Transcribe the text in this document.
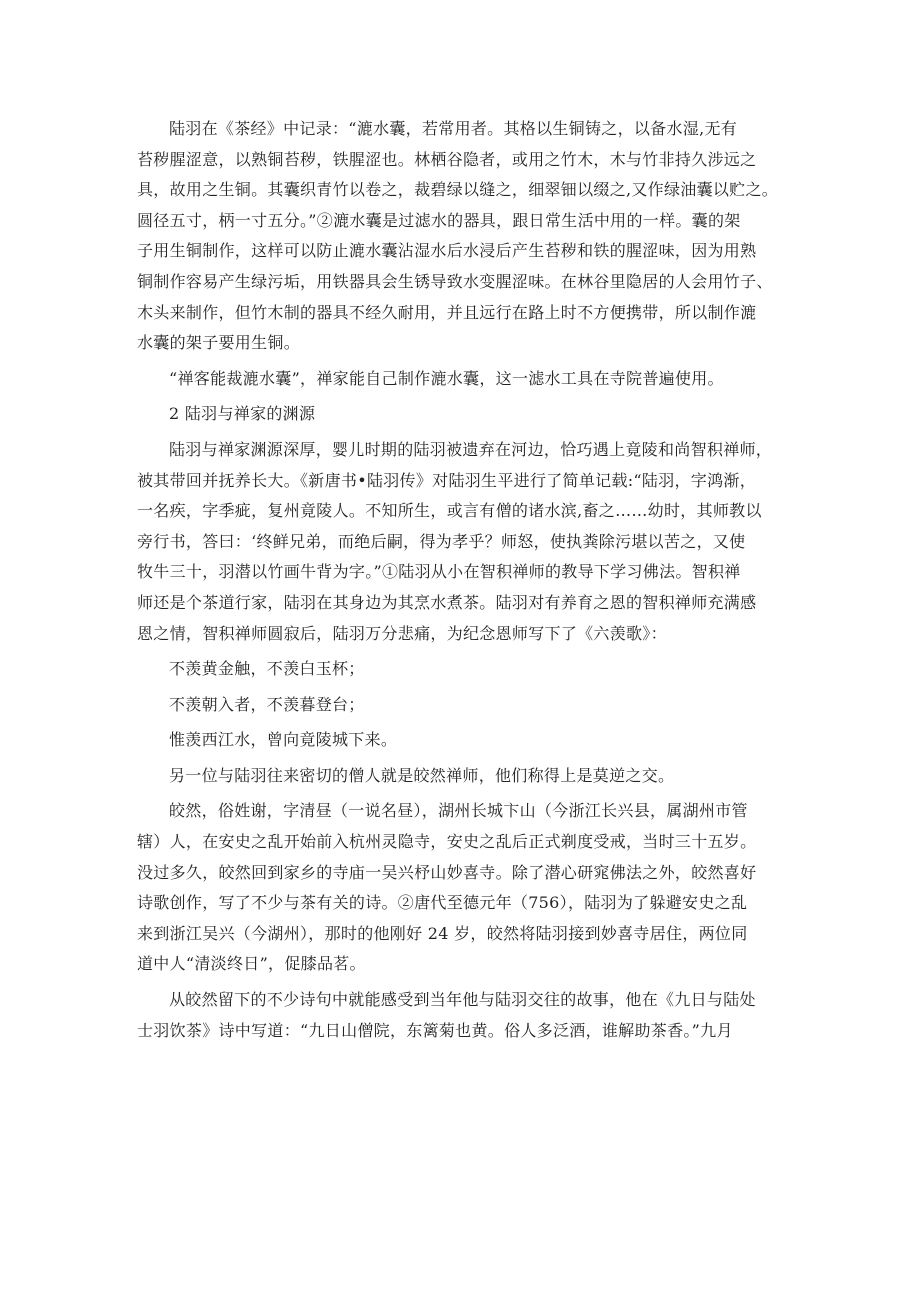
陆羽在《茶经》中记录：“漉水囊，若常用者。其格以生铜铸之，以备水湿,无有
苔秽腥涩意，以熟铜苔秽，铁腥涩也。林栖谷隐者，或用之竹木，木与竹非持久涉远之
具，故用之生铜。其囊织青竹以卷之，裁碧绿以缝之，细翠钿以缀之,又作绿油囊以贮之。
圆径五寸，柄一寸五分。”②漉水囊是过滤水的器具，跟日常生活中用的一样。囊的架
子用生铜制作，这样可以防止漉水囊沾湿水后水浸后产生苔秽和铁的腥涩味，因为用熟
铜制作容易产生绿污垢，用铁器具会生锈导致水变腥涩味。在林谷里隐居的人会用竹子、
木头来制作，但竹木制的器具不经久耐用，并且远行在路上时不方便携带，所以制作漉
水囊的架子要用生铜。

“禅客能裁漉水囊”，禅家能自己制作漉水囊，这一滤水工具在寺院普遍使用。

2 陆羽与禅家的渊源

陆羽与禅家渊源深厚，婴儿时期的陆羽被遗弃在河边，恰巧遇上竟陵和尚智积禅师，
被其带回并抚养长大。《新唐书•陆羽传》对陆羽生平进行了简单记载:“陆羽，字鸿渐，
一名疾，字季疵，复州竟陵人。不知所生，或言有僧的诸水滨,畜之……幼时，其师教以
旁行书，答曰：‘终鲜兄弟，而绝后嗣，得为孝乎？师怒，使执粪除污堪以苦之，又使
牧牛三十，羽潜以竹画牛背为字。”①陆羽从小在智积禅师的教导下学习佛法。智积禅
师还是个茶道行家，陆羽在其身边为其烹水煮茶。陆羽对有养育之恩的智积禅师充满感
恩之情，智积禅师圆寂后，陆羽万分悲痛，为纪念恩师写下了《六羡歌》：

不羡黄金触，不羡白玉杯；

不羡朝入者，不羡暮登台；

惟羡西江水，曾向竟陵城下来。

另一位与陆羽往来密切的僧人就是皎然禅师，他们称得上是莫逆之交。

皎然，俗姓谢，字清昼（一说名昼），湖州长城卞山（今浙江长兴县，属湖州市管
辖）人，在安史之乱开始前入杭州灵隐寺，安史之乱后正式剃度受戒，当时三十五岁。
没过多久，皎然回到家乡的寺庙一吴兴杼山妙喜寺。除了潜心研窕佛法之外，皎然喜好
诗歌创作，写了不少与茶有关的诗。②唐代至德元年（756），陆羽为了躲避安史之乱
来到浙江吴兴（今湖州），那时的他刚好 24 岁，皎然将陆羽接到妙喜寺居住，两位同
道中人“清淡终日”，促膝品茗。

从皎然留下的不少诗句中就能感受到当年他与陆羽交往的故事，他在《九日与陆处
士羽饮茶》诗中写道：“九日山僧院，东篱菊也黄。俗人多泛酒，谁解助茶香。”九月
